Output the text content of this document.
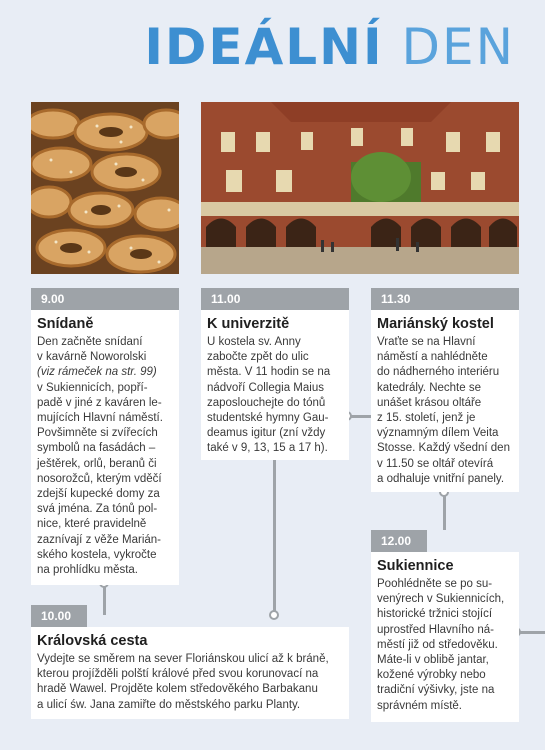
IDEÁLNÍ DEN
9.00
Snídaně
Den začněte snídaní
v kavárně Noworolski
(viz rámeček na str. 99)
v Sukiennicích, popří-
padě v jiné z kaváren le-
mujících Hlavní náměstí.
Povšimněte si zvířecích
symbolů na fasádách –
ještěrek, orlů, beranů či
nosorožců, kterým vděčí
zdejší kupecké domy za
svá jména. Za tónů pol-
nice, které pravidelně
zaznívají z věže Marián-
ského kostela, vykročte
na prohlídku města.
11.00
K univerzitě
U kostela sv. Anny
zabočte zpět do ulic
města. V 11 hodin se na
nádvoří Collegia Maius
zaposlouchejte do tónů
studentské hymny Gau-
deamus igitur (zní vždy
také v 9, 13, 15 a 17 h).
11.30
Mariánský kostel
Vraťte se na Hlavní
náměstí a nahlédněte
do nádherného interiéru
katedrály. Nechte se
unášet krásou oltáře
z 15. století, jenž je
významným dílem Veita
Stosse. Každý všední den
v 11.50 se oltář otevírá
a odhaluje vnitřní panely.
10.00
Královská cesta
Vydejte se směrem na sever Floriánskou ulicí až k bráně,
kterou projížděli polští králové před svou korunovací na
hradě Wawel. Projděte kolem středověkého Barbakanu
a ulicí św. Jana zamiřte do městského parku Planty.
12.00
Sukiennice
Poohlédněte se po su-
venýrech v Sukiennicích,
historické tržnici stojící
uprostřed Hlavního ná-
městí již od středověku.
Máte-li v oblibě jantar,
kožené výrobky nebo
tradiční výšivky, jste na
správném místě.
